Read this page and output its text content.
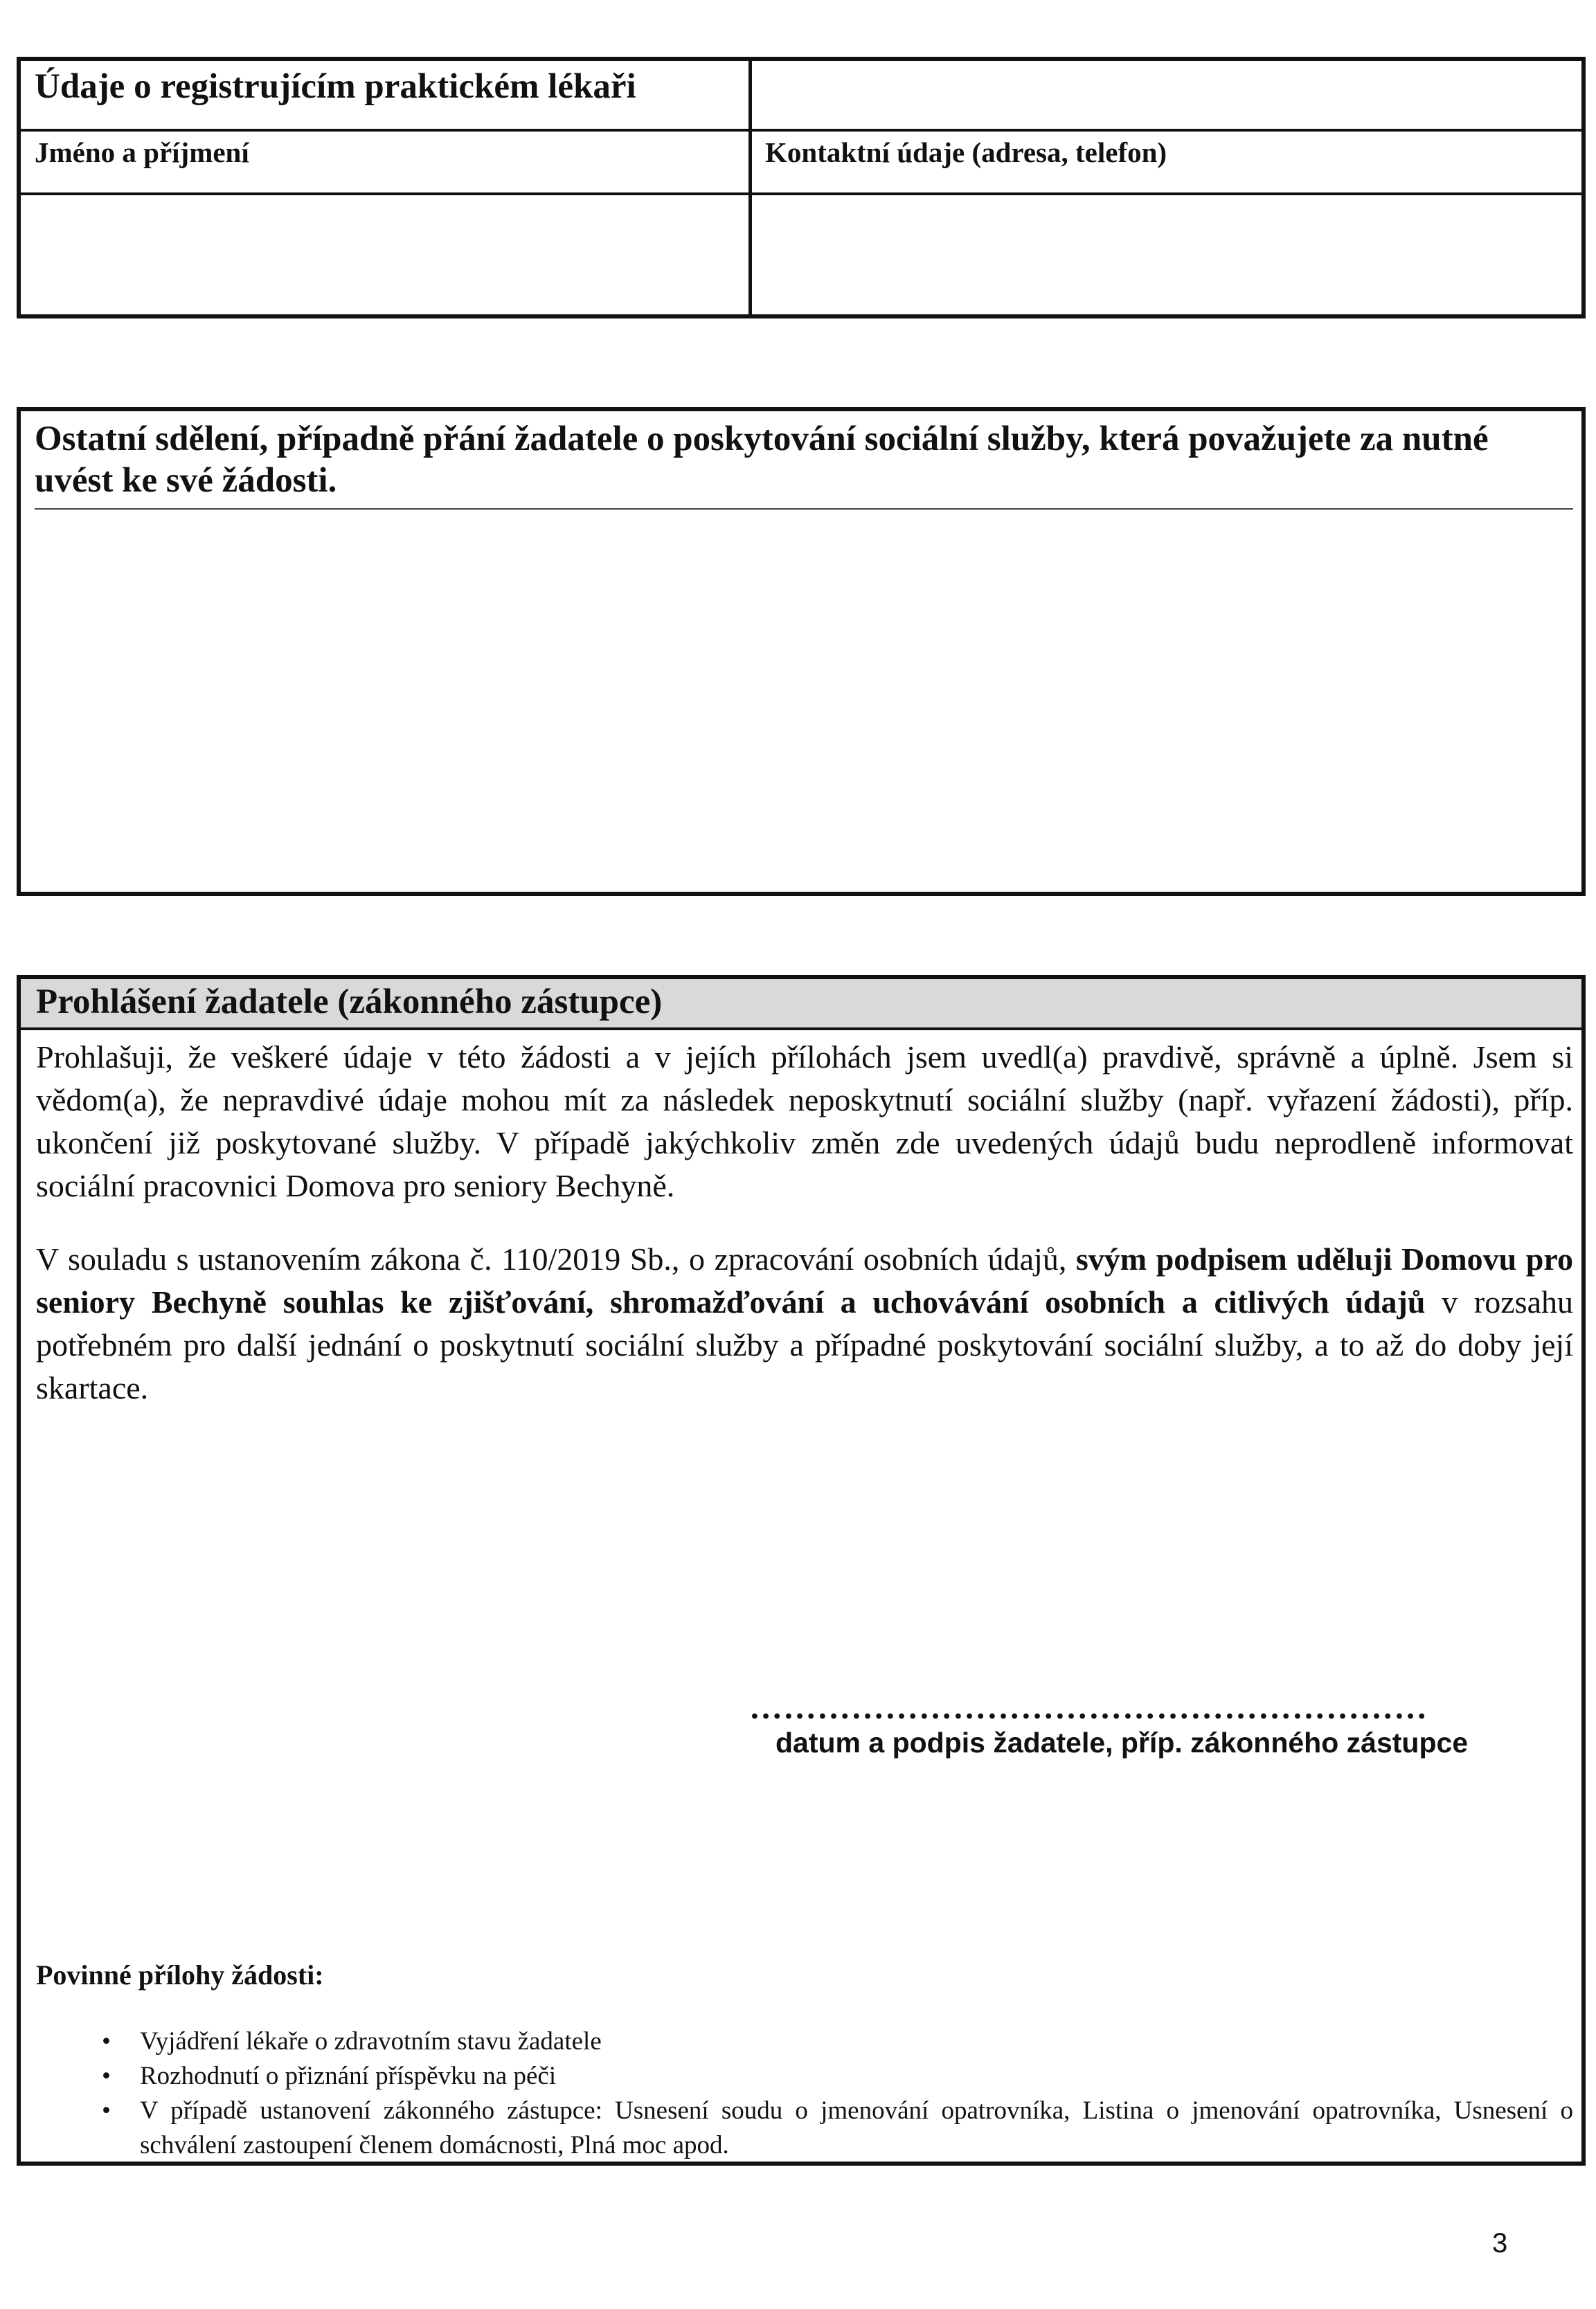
Údaje o registrujícím praktickém lékaři
Jméno a příjmení	Kontaktní údaje (adresa, telefon)
Ostatní sdělení, případně přání žadatele o poskytování sociální služby, která považujete za nutné uvést ke své žádosti.
Prohlášení žadatele (zákonného zástupce)

Prohlašuji, že veškeré údaje v této žádosti a v jejích přílohách jsem uvedl(a) pravdivě, správně a úplně. Jsem si vědom(a), že nepravdivé údaje mohou mít za následek neposkytnutí sociální služby (např. vyřazení žádosti), příp. ukončení již poskytované služby. V případě jakýchkoliv změn zde uvedených údajů budu neprodleně informovat sociální pracovnici Domova pro seniory Bechyně.

V souladu s ustanovením zákona č. 110/2019 Sb., o zpracování osobních údajů, svým podpisem uděluji Domovu pro seniory Bechyně souhlas ke zjišťování, shromažďování a uchovávání osobních a citlivých údajů v rozsahu potřebném pro další jednání o poskytnutí sociální služby a případné poskytování sociální služby, a to až do doby její skartace.

……………………………………………………
datum a podpis žadatele, příp. zákonného zástupce
Povinné přílohy žádosti:
• Vyjádření lékaře o zdravotním stavu žadatele
• Rozhodnutí o přiznání příspěvku na péči
• V případě ustanovení zákonného zástupce: Usnesení soudu o jmenování opatrovníka, Listina o jmenování opatrovníka, Usnesení o schválení zastoupení členem domácnosti, Plná moc apod.
3
